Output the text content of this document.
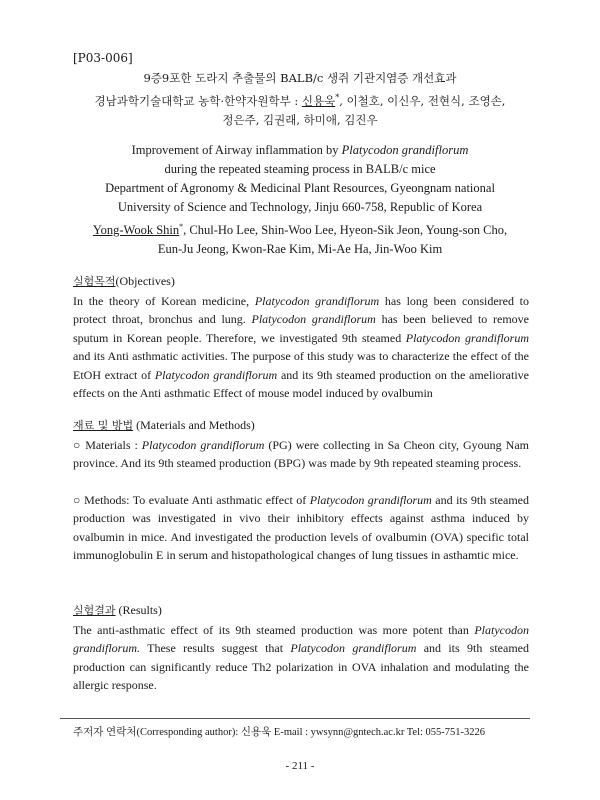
[P03-006]

9증9포한 도라지 추출물의 BALB/c 생쥐 기관지염증 개선효과

경남과학기술대학교 농학·한약자원학부 : 신용욱*, 이철호, 이신우, 전현식, 조영손,

정은주, 김권래, 하미애, 김진우

Improvement of Airway inflammation by Platycodon grandiflorum

during the repeated steaming process in BALB/c mice

Department of Agronomy & Medicinal Plant Resources, Gyeongnam national

University of Science and Technology, Jinju 660-758, Republic of Korea

Yong-Wook Shin*, Chul-Ho Lee, Shin-Woo Lee, Hyeon-Sik Jeon, Young-son Cho,

Eun-Ju Jeong, Kwon-Rae Kim, Mi-Ae Ha, Jin-Woo Kim

실험목적(Objectives)

In the theory of Korean medicine, Platycodon grandiflorum has long been considered to protect throat, bronchus and lung. Platycodon grandiflorum has been believed to remove sputum in Korean people. Therefore, we investigated 9th steamed Platycodon grandiflorum and its Anti asthmatic activities. The purpose of this study was to characterize the effect of the EtOH extract of Platycodon grandiflorum and its 9th steamed production on the ameliorative effects on the Anti asthmatic Effect of mouse model induced by ovalbumin

재료 및 방법 (Materials and Methods)

○ Materials : Platycodon grandiflorum (PG) were collecting in Sa Cheon city, Gyoung Nam province. And its 9th steamed production (BPG) was made by 9th repeated steaming process.

○ Methods: To evaluate Anti asthmatic effect of Platycodon grandiflorum and its 9th steamed production was investigated in vivo their inhibitory effects against asthma induced by ovalbumin in mice. And investigated the production levels of ovalbumin (OVA) specific total immunoglobulin E in serum and histopathological changes of lung tissues in asthamtic mice.

실험결과 (Results)

The anti-asthmatic effect of its 9th steamed production was more potent than Platycodon grandiflorum. These results suggest that Platycodon grandiflorum and its 9th steamed production can significantly reduce Th2 polarization in OVA inhalation and modulating the allergic response.

주저자 연락처(Corresponding author): 신용욱 E-mail : ywsynn@gntech.ac.kr Tel: 055-751-3226
- 211 -
